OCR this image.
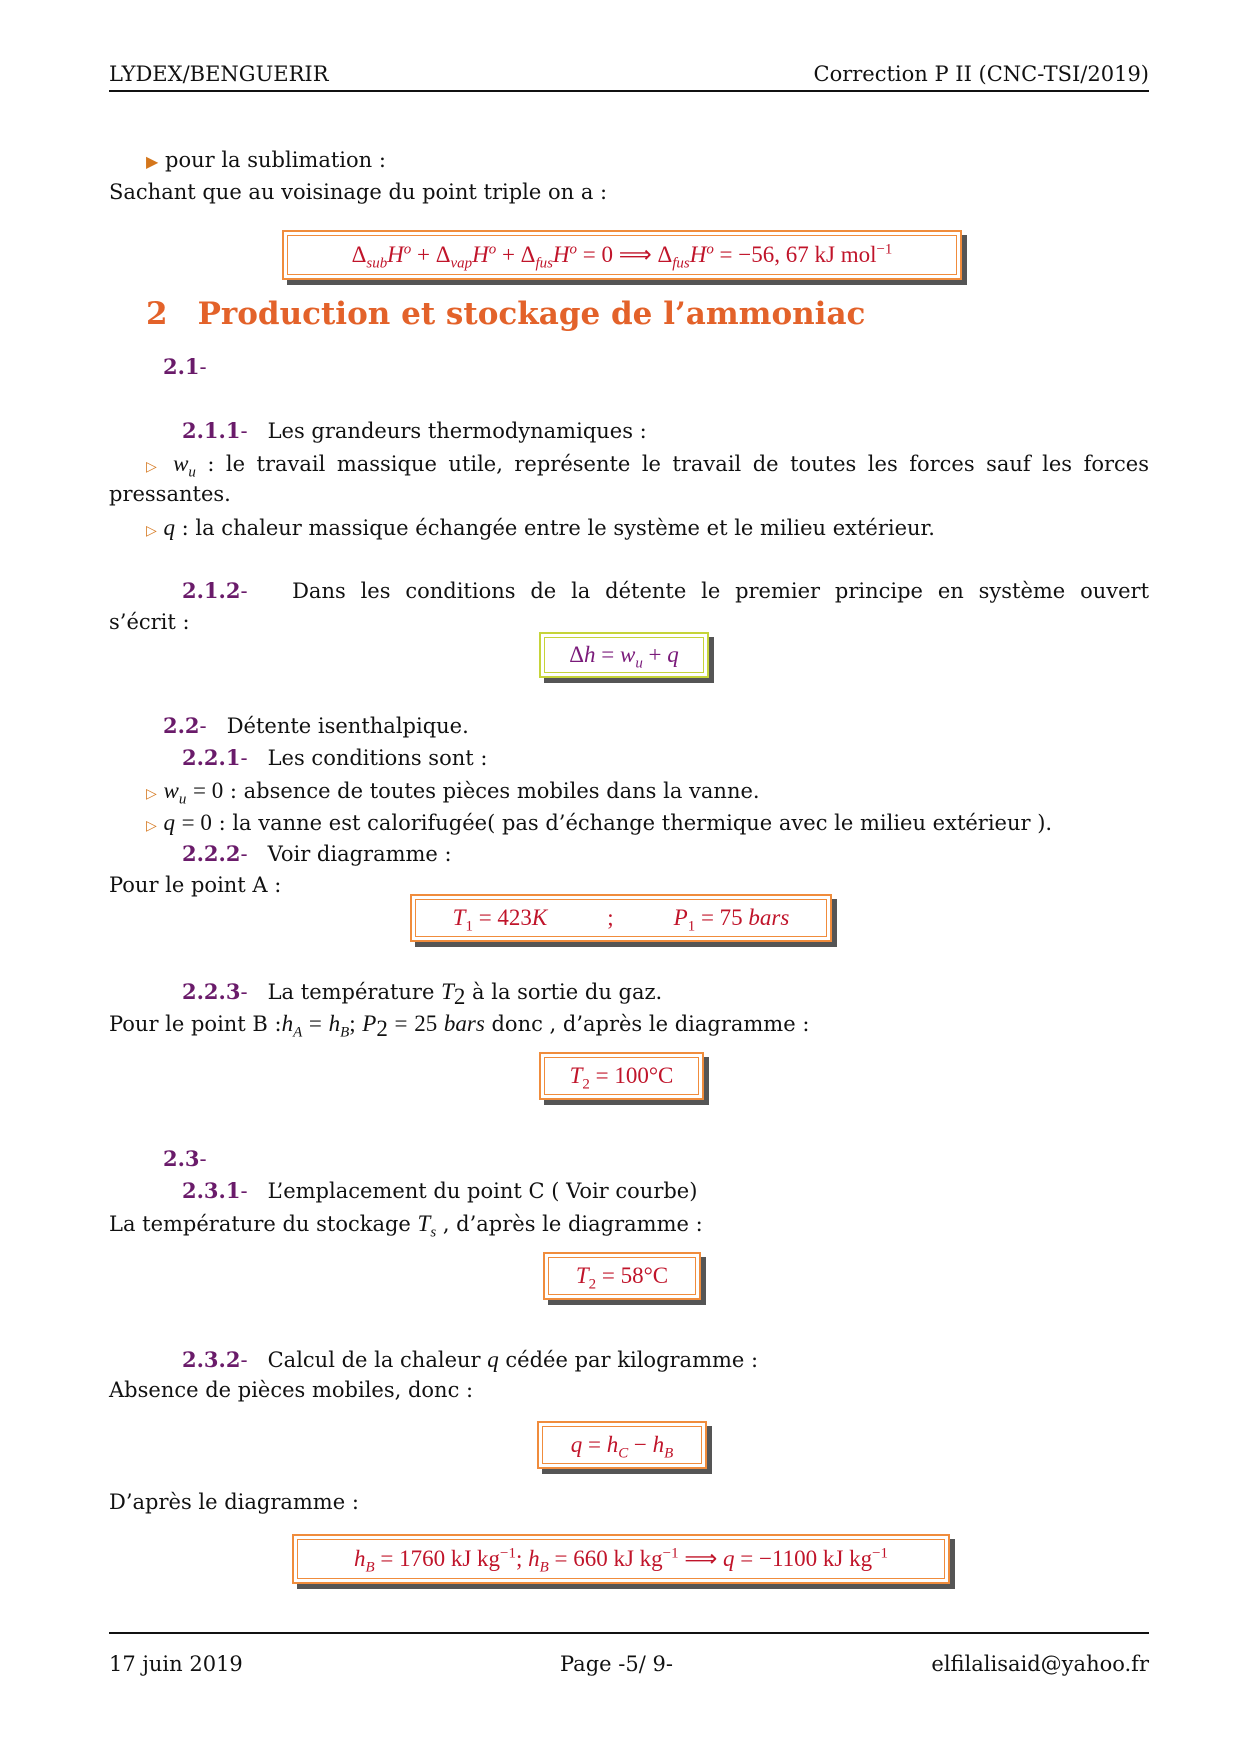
LYDEX/BENGUERIR	Correction P II (CNC-TSI/2019)
▶ pour la sublimation :
Sachant que au voisinage du point triple on a :
$\Delta_{sub}H^o + \Delta_{vap}H^o + \Delta_{fus}H^o = 0$ ⟹ $\Delta_{fus}H^o = -56$, 67 kJ mol$^{-1}$
2 Production et stockage de l’ammoniac
2.1-
2.1.1- Les grandeurs thermodynamiques :
▷ $w_u$ : le travail massique utile, représente le travail de toutes les forces sauf les forces
pressantes.
▷ q : la chaleur massique échangée entre le système et le milieu extérieur.
2.1.2- Dans les conditions de la détente le premier principe en système ouvert
s’écrit :
$\Delta h = w_u + q$
2.2- Détente isenthalpique.
2.2.1- Les conditions sont :
▷ $w_u = 0$ : absence de toutes pièces mobiles dans la vanne.
▷ q = 0 : la vanne est calorifugée( pas d’échange thermique avec le milieu extérieur ).
2.2.2- Voir diagramme :
Pour le point A :
$T_1 = 423K$	;	$P_1 = 75$ bars
2.2.3- La température $T_2$ à la sortie du gaz.
Pour le point B $:h_A = h_B$; $P_2 = 25$ bars donc , d’après le diagramme :
$T_2 = 100^\circ C$
2.3-
2.3.1- L’emplacement du point C ( Voir courbe)
La température du stockage $T_s$ , d’après le diagramme :
$T_2 = 58^\circ C$
2.3.2- Calcul de la chaleur q cédée par kilogramme :
Absence de pièces mobiles, donc :
$q = h_C - h_B$
D’après le diagramme :
$h_B = 1760$ kJ $kg^{-1}$; $h_B = 660$ kJ $kg^{-1}$ ⟹ q = −1100 kJ $kg^{-1}$
17 juin 2019	Page -5/ 9-	elfilalisaid@yahoo.fr
